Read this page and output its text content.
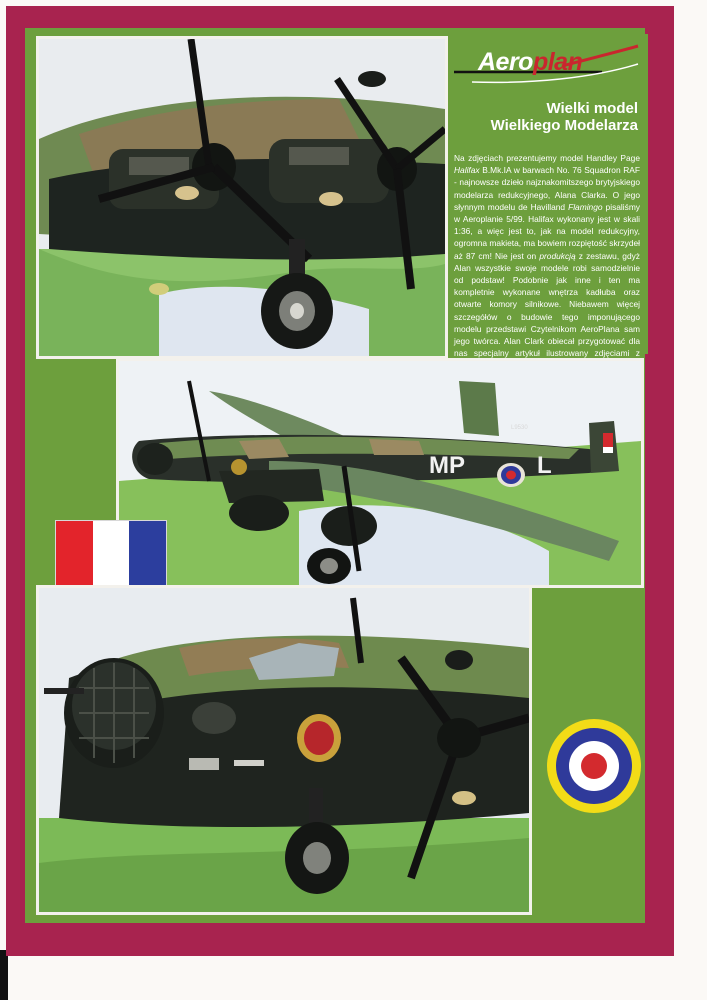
Aeroplan
Wielki model
Wielkiego Modelarza
Na zdjęciach prezentujemy model Handley Page Halifax B.Mk.IA w barwach No. 76 Squadron RAF - najnowsze dzieło najznakomitszego brytyjskiego modelarza redukcyjnego, Alana Clarka. O jego słynnym modelu de Havilland Flamingo pisaliśmy w Aeroplanie 5/99. Halifax wykonany jest w skali 1:36, a więc jest to, jak na model redukcyjny, ogromna makieta, ma bowiem rozpiętość skrzydeł aż 87 cm! Nie jest on produkcją z zestawu, gdyż Alan wszystkie swoje modele robi samodzielnie od podstaw! Podobnie jak inne i ten ma kompletnie wykonane wnętrza kadłuba oraz otwarte komory silnikowe. Niebawem więcej szczegółów o budowie tego imponującego modelu przedstawi Czytelnikom AeroPlana sam jego twórca. Alan Clark obiecał przygotować dla nas specjalny artykuł ilustrowany zdjęciami z
MP	L
L9530
